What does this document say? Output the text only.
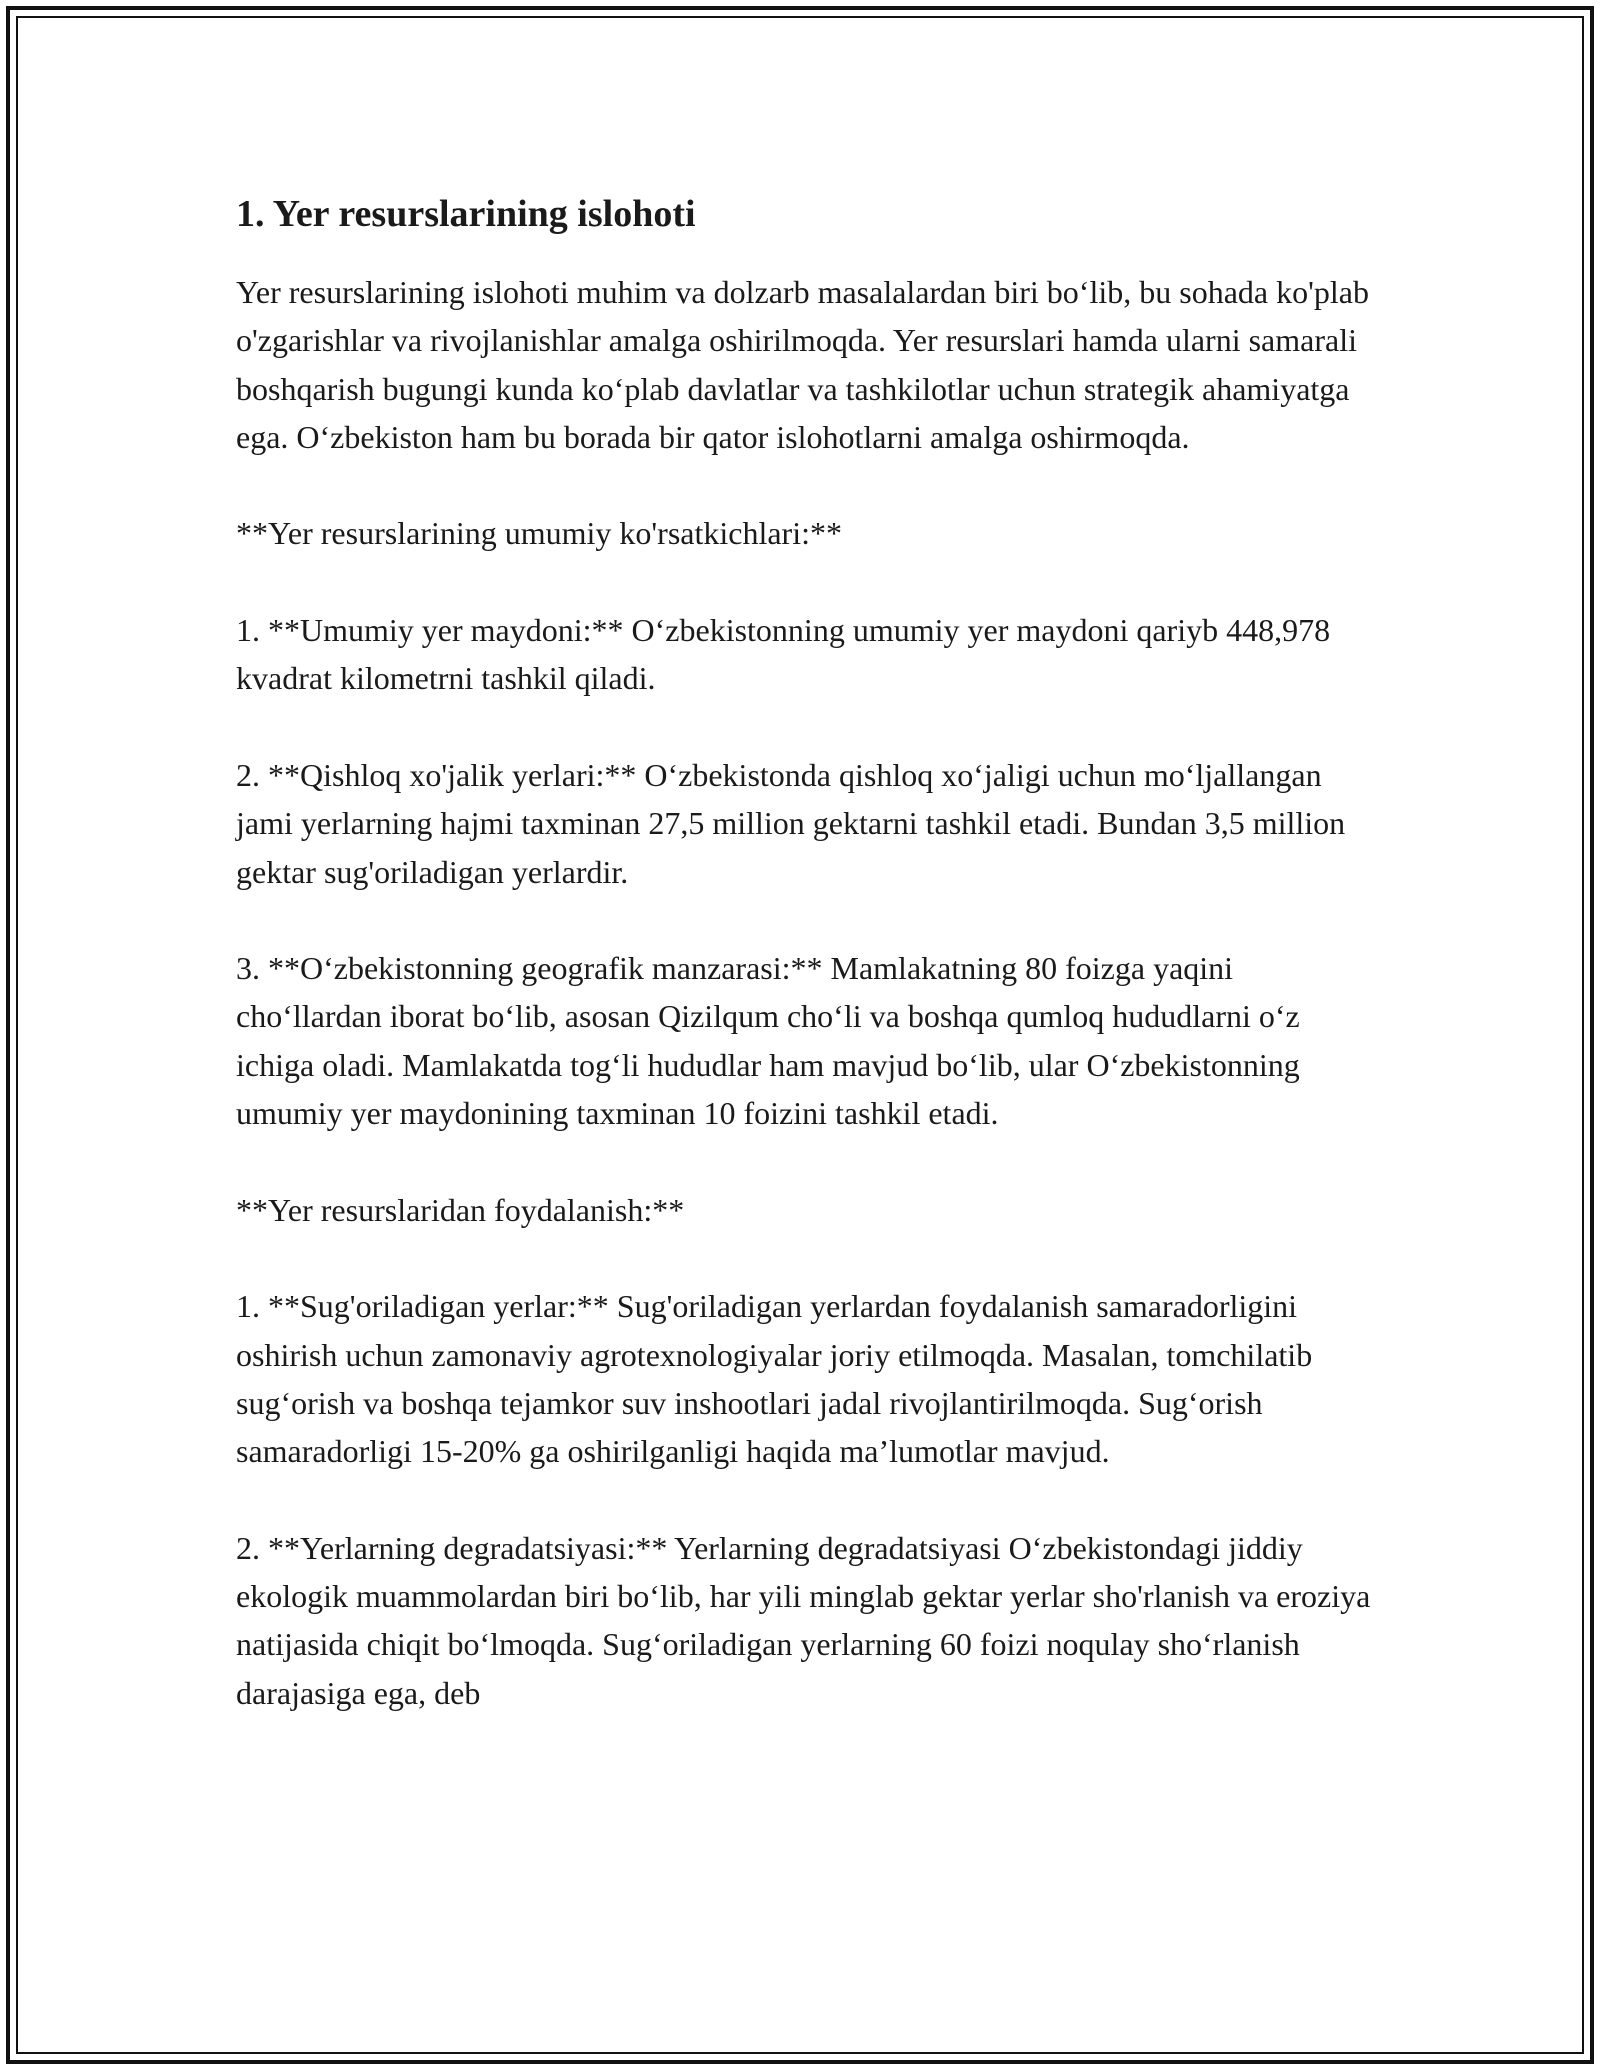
1. Yer resurslarining islohoti

Yer resurslarining islohoti muhim va dolzarb masalalardan biri bo‘lib, bu sohada ko'plab o'zgarishlar va rivojlanishlar amalga oshirilmoqda. Yer resurslari hamda ularni samarali boshqarish bugungi kunda ko‘plab davlatlar va tashkilotlar uchun strategik ahamiyatga ega. O‘zbekiston ham bu borada bir qator islohotlarni amalga oshirmoqda.

**Yer resurslarining umumiy ko'rsatkichlari:**

1. **Umumiy yer maydoni:** O‘zbekistonning umumiy yer maydoni qariyb 448,978 kvadrat kilometrni tashkil qiladi.

2. **Qishloq xo'jalik yerlari:** O‘zbekistonda qishloq xo‘jaligi uchun mo‘ljallangan jami yerlarning hajmi taxminan 27,5 million gektarni tashkil etadi. Bundan 3,5 million gektar sug'oriladigan yerlardir.

3. **O‘zbekistonning geografik manzarasi:** Mamlakatning 80 foizga yaqini cho‘llardan iborat bo‘lib, asosan Qizilqum cho‘li va boshqa qumloq hududlarni o‘z ichiga oladi. Mamlakatda tog‘li hududlar ham mavjud bo‘lib, ular O‘zbekistonning umumiy yer maydonining taxminan 10 foizini tashkil etadi.

**Yer resurslaridan foydalanish:**

1. **Sug'oriladigan yerlar:** Sug'oriladigan yerlardan foydalanish samaradorligini oshirish uchun zamonaviy agrotexnologiyalar joriy etilmoqda. Masalan, tomchilatib sug‘orish va boshqa tejamkor suv inshootlari jadal rivojlantirilmoqda. Sug‘orish samaradorligi 15-20% ga oshirilganligi haqida ma’lumotlar mavjud.

2. **Yerlarning degradatsiyasi:** Yerlarning degradatsiyasi O‘zbekistondagi jiddiy ekologik muammolardan biri bo‘lib, har yili minglab gektar yerlar sho'rlanish va eroziya natijasida chiqit bo‘lmoqda. Sug‘oriladigan yerlarning 60 foizi noqulay sho‘rlanish darajasiga ega, deb
